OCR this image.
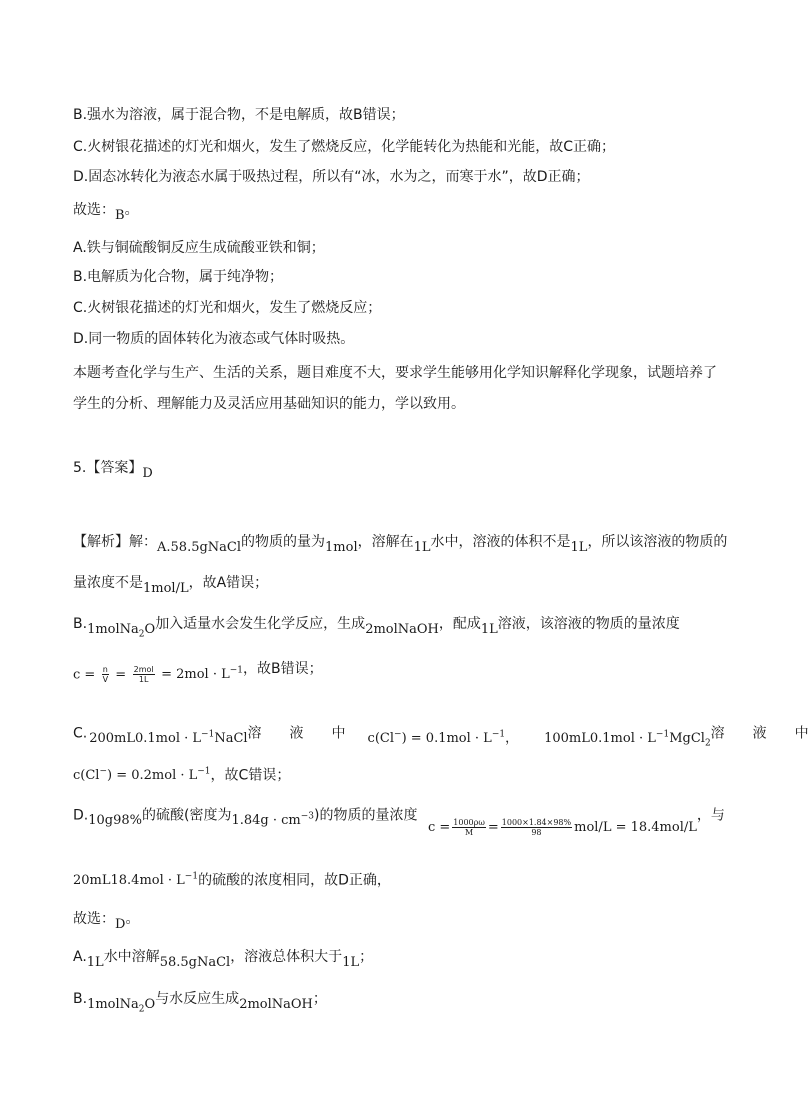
B.强水为溶液，属于混合物，不是电解质，故B错误；
C.火树银花描述的灯光和烟火，发生了燃烧反应，化学能转化为热能和光能，故C正确；
D.固态冰转化为液态水属于吸热过程，所以有“冰，水为之，而寒于水”，故D正确；
故选：B。
A.铁与铜硫酸铜反应生成硫酸亚铁和铜；
B.电解质为化合物，属于纯净物；
C.火树银花描述的灯光和烟火，发生了燃烧反应；
D.同一物质的固体转化为液态或气体时吸热。
本题考查化学与生产、生活的关系，题目难度不大，要求学生能够用化学知识解释化学现象，试题培养了
学生的分析、理解能力及灵活应用基础知识的能力，学以致用。
5.【答案】D
【解析】解：A.58.5gNaCl的物质的量为1mol，溶解在1L水中，溶液的体积不是1L，所以该溶液的物质的
量浓度不是1mol/L，故A错误；
B.1molNa$_2$O加入适量水会发生化学反应，生成2molNaOH，配成1L溶液，该溶液的物质的量浓度
$c = \frac{n}{V} = \frac{\text{2mol}}{1L} = 2mol \cdot L^{-1}$，故B错误；
C. $200mL0.1mol \cdot L^{-1}NaCl$溶　　液　　中 $c(Cl^-) = 0.1mol \cdot L^{-1}$， $100mL0.1mol \cdot L^{-1}MgCl_2$溶　　液　　中
$c(Cl^-) = 0.2mol \cdot L^{-1}$，故C错误；
D.10g98%的硫酸(密度为$1.84g \cdot cm^{-3}$)的物质的量浓度 $c = \frac{1000\rho\omega}{M} = \frac{1000\times 1.84\times 98\%}{98} mol/L = 18.4mol/L$，与
$20mL18.4mol \cdot L^{-1}$的硫酸的浓度相同，故D正确，
故选：D。
A.1L水中溶解58.5gNaCl，溶液总体积大于1L；
B.1molNa$_2$O与水反应生成2molNaOH；
